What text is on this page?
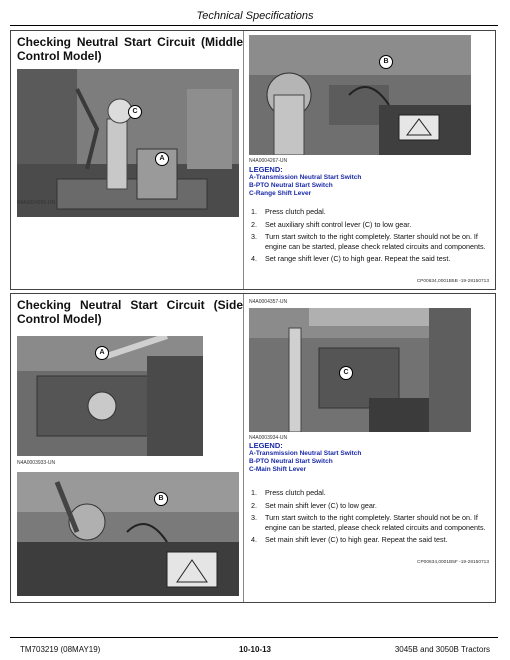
Technical Specifications
Checking Neutral Start Circuit (Middle
Control Model)
C
A
N4A0004265-UN
B
N4A0004267-UN
LEGEND:
A-Transmission Neutral Start Switch
B-PTO Neutral Start Switch
C-Range Shift Lever
1. Press clutch pedal.
2. Set auxiliary shift control lever (C) to low gear.
3. Turn start switch to the right completely. Starter should not be on. If engine can be started, please check related circuits and components.
4. Set range shift lever (C) to high gear. Repeat the said test.
CP00634,0001B5B -19-28150713
Checking Neutral Start Circuit (Side
Control Model)
A
N4A0003933-UN
B
N4A0004357-UN
C
N4A0003934-UN
LEGEND:
A-Transmission Neutral Start Switch
B-PTO Neutral Start Switch
C-Main Shift Lever
1. Press clutch pedal.
2. Set main shift lever (C) to low gear.
3. Turn start switch to the right completely. Starter should not be on. If engine can be started, please check related circuits and components.
4. Set main shift lever (C) to high gear. Repeat the said test.
CP00634,0001B5F -19-28150713
TM703219 (08MAY19)	10-10-13	3045B and 3050B Tractors
